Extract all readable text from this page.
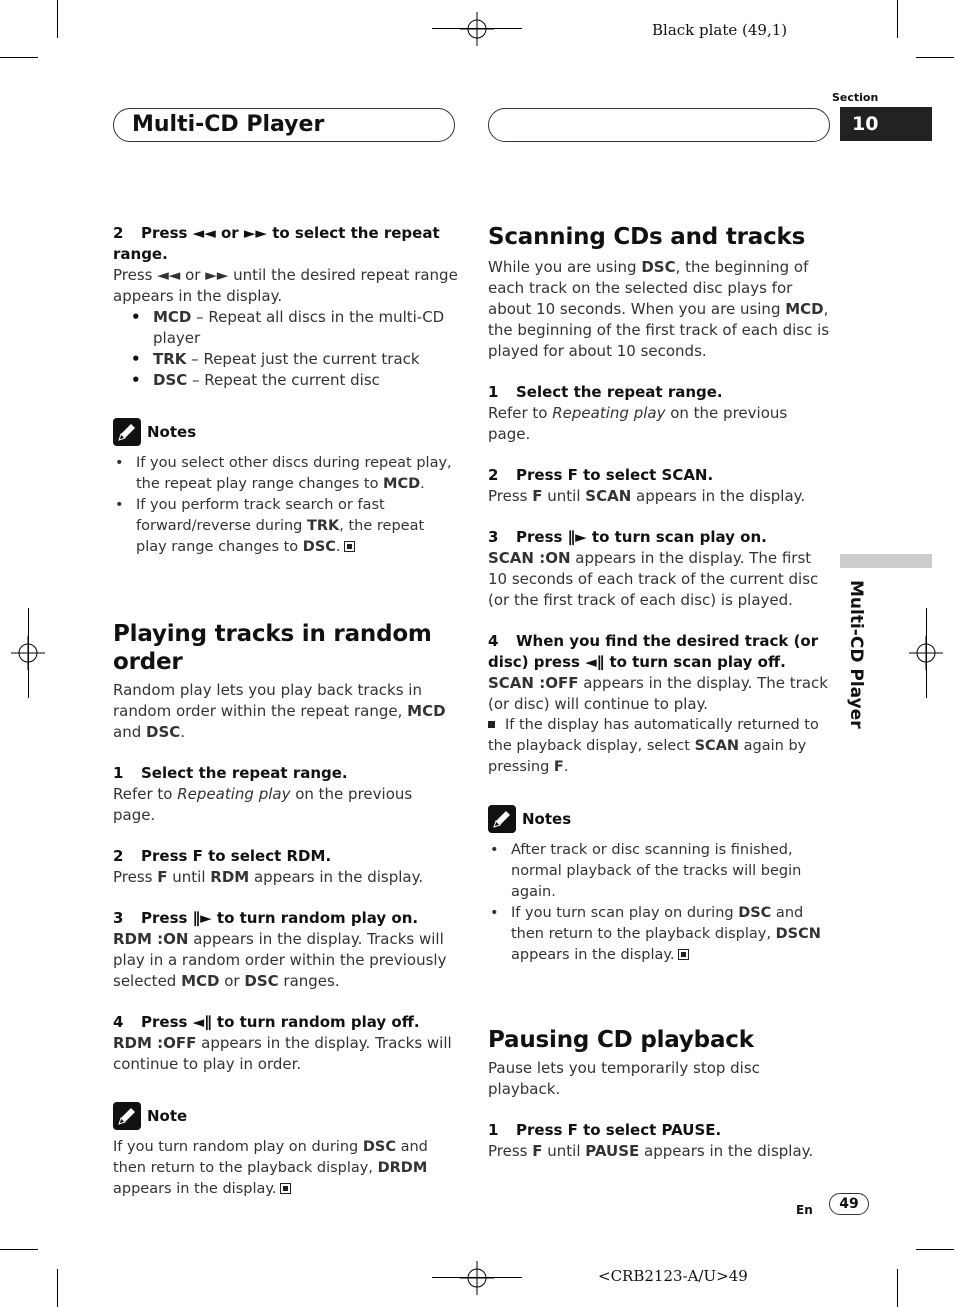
Black plate (49,1)
Section
10
Multi-CD Player
Multi-CD Player

2 Press ◄◄ or ►► to select the repeat range.

Press ◄◄ or ►► until the desired repeat range appears in the display.

• MCD – Repeat all discs in the multi-CD player

• TRK – Repeat just the current track

• DSC – Repeat the current disc

Notes

• If you select other discs during repeat play, the repeat play range changes to MCD.

• If you perform track search or fast forward/reverse during TRK, the repeat play range changes to DSC.

Playing tracks in random order

Random play lets you play back tracks in random order within the repeat range, MCD and DSC.

1 Select the repeat range.

Refer to Repeating play on the previous page.

2 Press F to select RDM.

Press F until RDM appears in the display.

3 Press ∥► to turn random play on.

RDM :ON appears in the display. Tracks will play in a random order within the previously selected MCD or DSC ranges.

4 Press ◄∥ to turn random play off.

RDM :OFF appears in the display. Tracks will continue to play in order.

Note

If you turn random play on during DSC and then return to the playback display, DRDM appears in the display.

Scanning CDs and tracks

While you are using DSC, the beginning of each track on the selected disc plays for about 10 seconds. When you are using MCD, the beginning of the first track of each disc is played for about 10 seconds.

1 Select the repeat range.

Refer to Repeating play on the previous page.

2 Press F to select SCAN.

Press F until SCAN appears in the display.

3 Press ∥► to turn scan play on.

SCAN :ON appears in the display. The first 10 seconds of each track of the current disc (or the first track of each disc) is played.

4 When you find the desired track (or disc) press ◄∥ to turn scan play off.

SCAN :OFF appears in the display. The track (or disc) will continue to play.

If the display has automatically returned to the playback display, select SCAN again by pressing F.

Notes

• After track or disc scanning is finished, normal playback of the tracks will begin again.

• If you turn scan play on during DSC and then return to the playback display, DSCN appears in the display.

Pausing CD playback

Pause lets you temporarily stop disc playback.

1 Press F to select PAUSE.

Press F until PAUSE appears in the display.

En	49
<CRB2123-A/U>49
